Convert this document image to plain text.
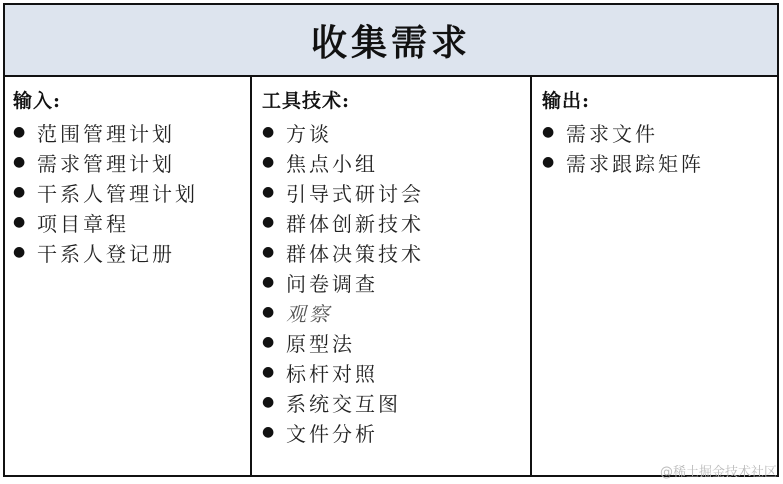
收集需求
输入:
● 范围管理计划
● 需求管理计划
● 干系人管理计划
● 项目章程
● 干系人登记册
工具技术:
● 方谈
● 焦点小组
● 引导式研讨会
● 群体创新技术
● 群体决策技术
● 问卷调查
● 观察
● 原型法
● 标杆对照
● 系统交互图
● 文件分析
输出:
● 需求文件
● 需求跟踪矩阵
@稀土掘金技术社区
